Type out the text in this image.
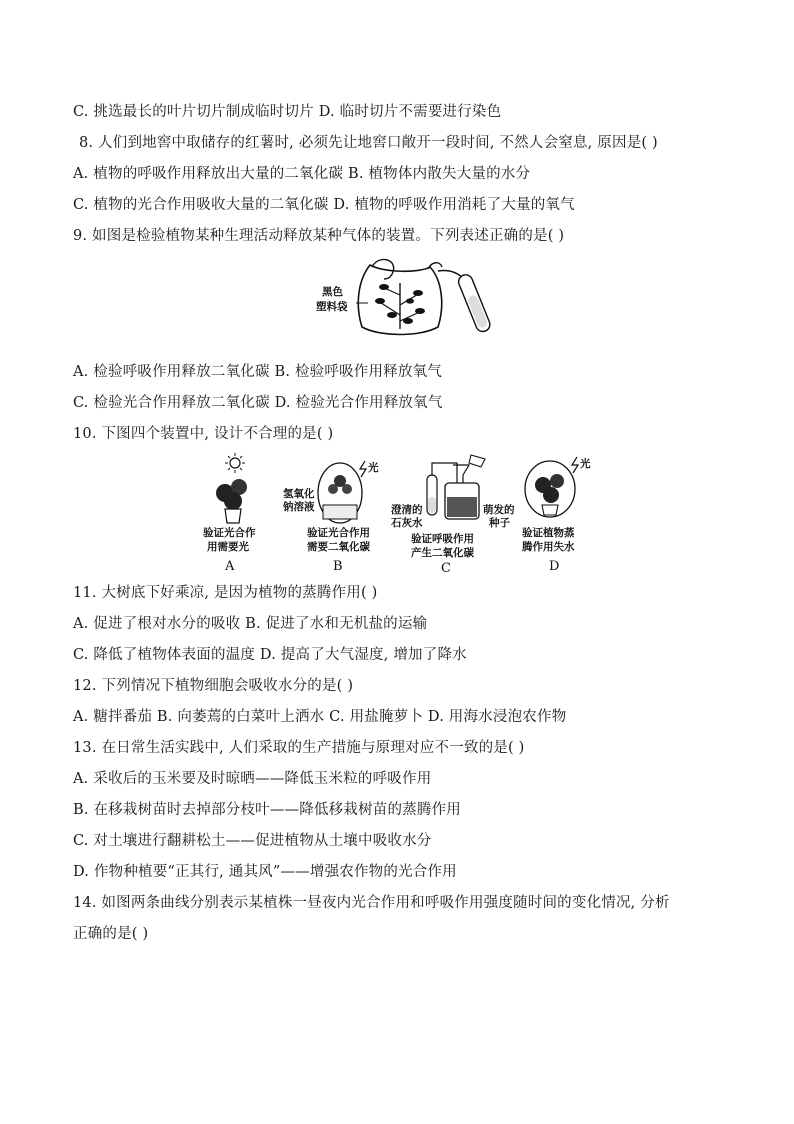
C. 挑选最长的叶片切片制成临时切片 D. 临时切片不需要进行染色
8. 人们到地窖中取储存的红薯时, 必须先让地窖口敞开一段时间, 不然人会窒息, 原因是( )
A. 植物的呼吸作用释放出大量的二氧化碳 B. 植物体内散失大量的水分
C. 植物的光合作用吸收大量的二氧化碳 D. 植物的呼吸作用消耗了大量的氧气
9. 如图是检验植物某种生理活动释放某种气体的装置。下列表述正确的是( )
黑色
塑料袋
A. 检验呼吸作用释放二氧化碳 B. 检验呼吸作用释放氧气
C. 检验光合作用释放二氧化碳 D. 检验光合作用释放氧气
10. 下图四个装置中, 设计不合理的是( )
验证光合作
用需要光
A
光
氢氧化
钠溶液
验证光合作用
需要二氧化碳
B
澄清的
石灰水
萌发的
种子
验证呼吸作用
产生二氧化碳
C
光
验证植物蒸
腾作用失水
D
11. 大树底下好乘凉, 是因为植物的蒸腾作用( )
A. 促进了根对水分的吸收 B. 促进了水和无机盐的运输
C. 降低了植物体表面的温度 D. 提高了大气湿度, 增加了降水
12. 下列情况下植物细胞会吸收水分的是( )
A. 糖拌番茄 B. 向萎蔫的白菜叶上洒水 C. 用盐腌萝卜 D. 用海水浸泡农作物
13. 在日常生活实践中, 人们采取的生产措施与原理对应不一致的是( )
A. 采收后的玉米要及时晾晒——降低玉米粒的呼吸作用
B. 在移栽树苗时去掉部分枝叶——降低移栽树苗的蒸腾作用
C. 对土壤进行翻耕松土——促进植物从土壤中吸收水分
D. 作物种植要“正其行, 通其风”——增强农作物的光合作用
14. 如图两条曲线分别表示某植株一昼夜内光合作用和呼吸作用强度随时间的变化情况, 分析
正确的是( )
